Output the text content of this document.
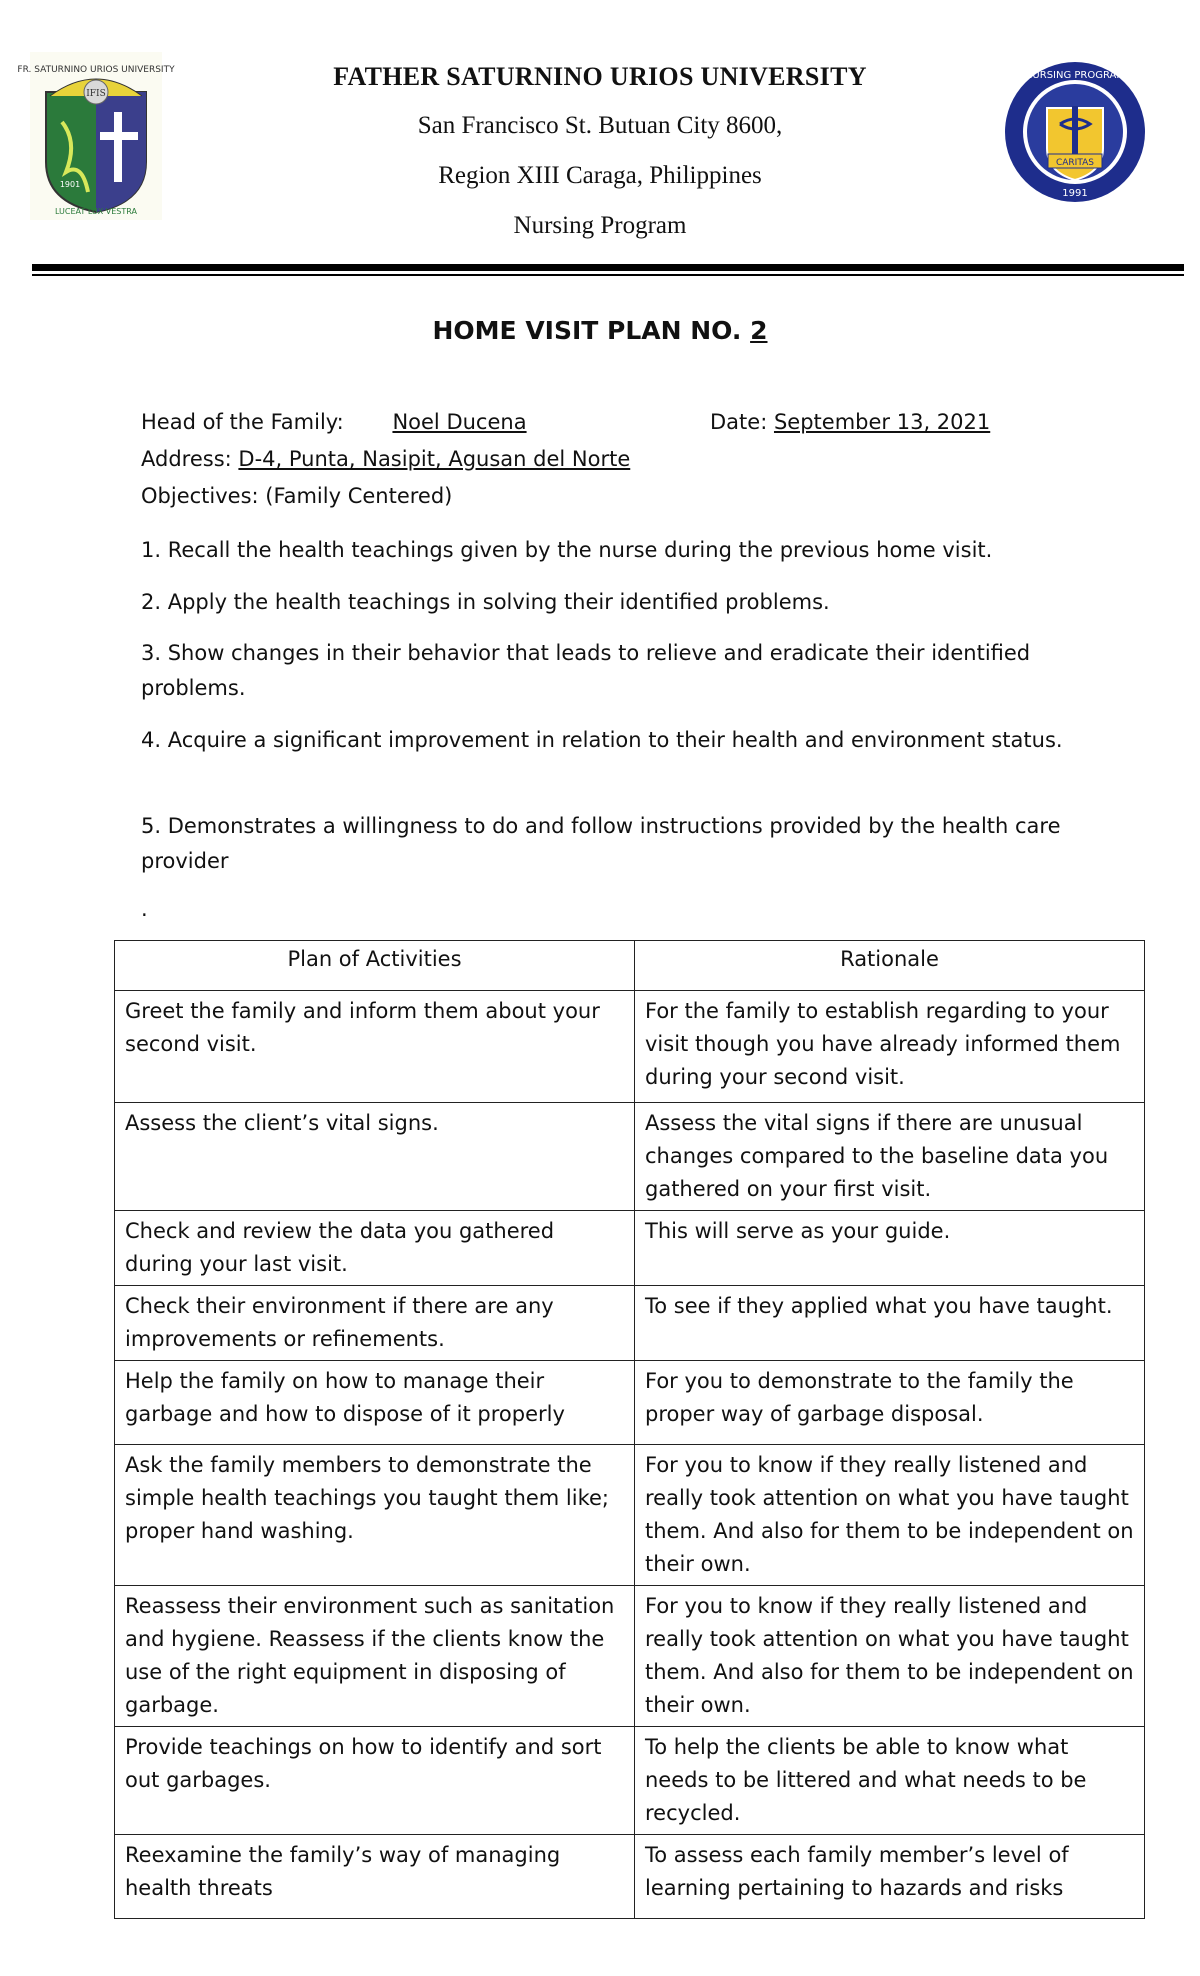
FR. SATURNINO URIOS UNIVERSITY
IFIS
1901
LUCEAT LUX VESTRA
CARITAS
NURSING PROGRAM
1991
FATHER SATURNINO URIOS UNIVERSITY
San Francisco St. Butuan City 8600,
Region XIII Caraga, Philippines
Nursing Program
HOME VISIT PLAN NO. 2
Head of the Family: Noel Ducena	Date: September 13, 2021
Address: D-4, Punta, Nasipit, Agusan del Norte
Objectives: (Family Centered)
1. Recall the health teachings given by the nurse during the previous home visit.
2. Apply the health teachings in solving their identified problems.
3. Show changes in their behavior that leads to relieve and eradicate their identified problems.
4. Acquire a significant improvement in relation to their health and environment status.
5. Demonstrates a willingness to do and follow instructions provided by the health care provider
.
Plan of Activities	Rationale
Greet the family and inform them about your second visit.	For the family to establish regarding to your visit though you have already informed them during your second visit.
Assess the client’s vital signs.	Assess the vital signs if there are unusual changes compared to the baseline data you gathered on your first visit.
Check and review the data you gathered during your last visit.	This will serve as your guide.
Check their environment if there are any improvements or refinements.	To see if they applied what you have taught.
Help the family on how to manage their garbage and how to dispose of it properly	For you to demonstrate to the family the proper way of garbage disposal.
Ask the family members to demonstrate the simple health teachings you taught them like; proper hand washing.	For you to know if they really listened and really took attention on what you have taught them. And also for them to be independent on their own.
Reassess their environment such as sanitation and hygiene. Reassess if the clients know the use of the right equipment in disposing of garbage.	For you to know if they really listened and really took attention on what you have taught them. And also for them to be independent on their own.
Provide teachings on how to identify and sort out garbages.	To help the clients be able to know what needs to be littered and what needs to be recycled.
Reexamine the family’s way of managing health threats	To assess each family member’s level of learning pertaining to hazards and risks
